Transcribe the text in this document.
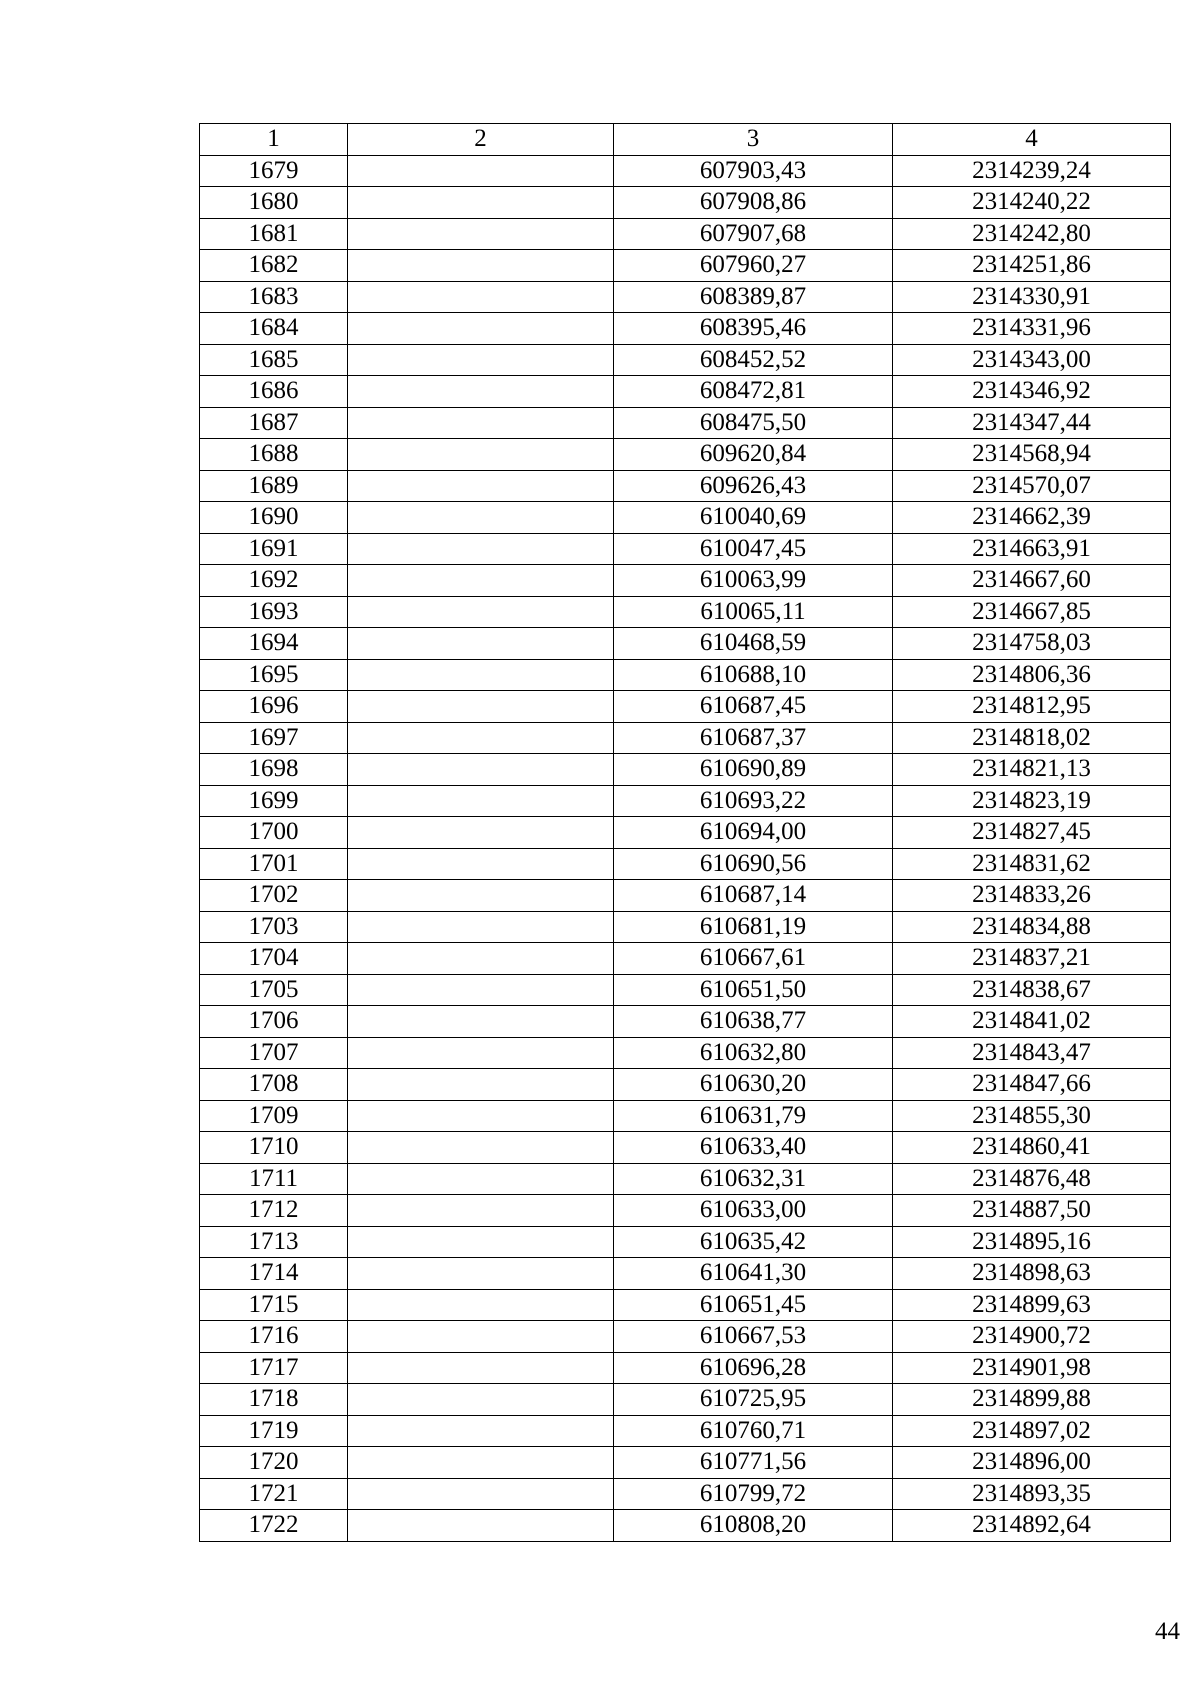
1	2	3	4
1679		607903,43	2314239,24
1680		607908,86	2314240,22
1681		607907,68	2314242,80
1682		607960,27	2314251,86
1683		608389,87	2314330,91
1684		608395,46	2314331,96
1685		608452,52	2314343,00
1686		608472,81	2314346,92
1687		608475,50	2314347,44
1688		609620,84	2314568,94
1689		609626,43	2314570,07
1690		610040,69	2314662,39
1691		610047,45	2314663,91
1692		610063,99	2314667,60
1693		610065,11	2314667,85
1694		610468,59	2314758,03
1695		610688,10	2314806,36
1696		610687,45	2314812,95
1697		610687,37	2314818,02
1698		610690,89	2314821,13
1699		610693,22	2314823,19
1700		610694,00	2314827,45
1701		610690,56	2314831,62
1702		610687,14	2314833,26
1703		610681,19	2314834,88
1704		610667,61	2314837,21
1705		610651,50	2314838,67
1706		610638,77	2314841,02
1707		610632,80	2314843,47
1708		610630,20	2314847,66
1709		610631,79	2314855,30
1710		610633,40	2314860,41
1711		610632,31	2314876,48
1712		610633,00	2314887,50
1713		610635,42	2314895,16
1714		610641,30	2314898,63
1715		610651,45	2314899,63
1716		610667,53	2314900,72
1717		610696,28	2314901,98
1718		610725,95	2314899,88
1719		610760,71	2314897,02
1720		610771,56	2314896,00
1721		610799,72	2314893,35
1722		610808,20	2314892,64
44
